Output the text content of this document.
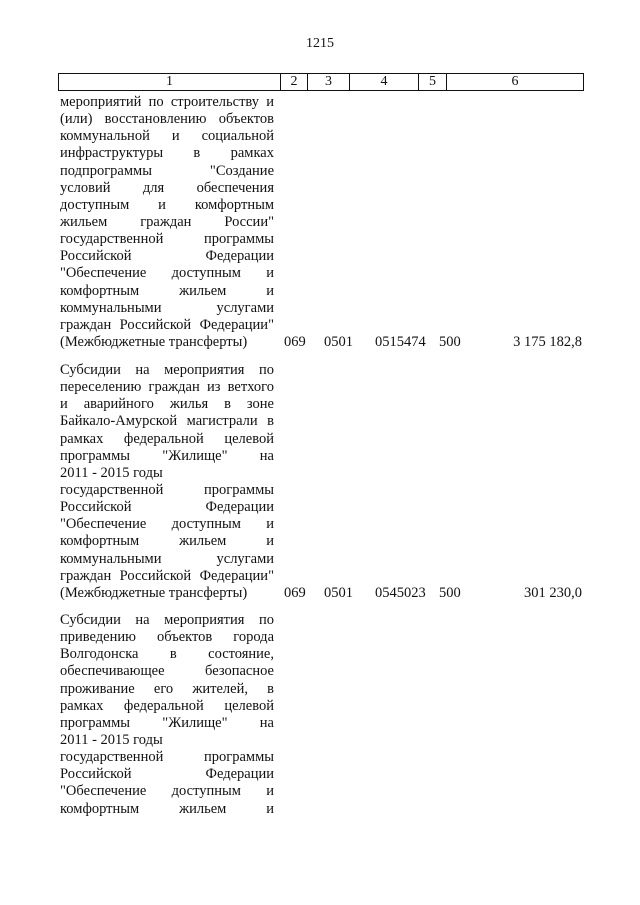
1215
1	2	3	4	5	6
мероприятий по строительству и
(или) восстановлению объектов
коммунальной и социальной
инфраструктуры в рамках
подпрограммы "Создание
условий для обеспечения
доступным и комфортным
жильем граждан России"
государственной программы
Российской Федерации
"Обеспечение доступным и
комфортным жильем и
коммунальными услугами
граждан Российской Федерации"
(Межбюджетные трансферты)	069 0501 0515474 500	3 175 182,8
Субсидии на мероприятия по
переселению граждан из ветхого
и аварийного жилья в зоне
Байкало-Амурской магистрали в
рамках федеральной целевой
программы "Жилище" на
2011 - 2015 годы
государственной программы
Российской Федерации
"Обеспечение доступным и
комфортным жильем и
коммунальными услугами
граждан Российской Федерации"
(Межбюджетные трансферты)	069 0501 0545023 500	301 230,0
Субсидии на мероприятия по
приведению объектов города
Волгодонска в состояние,
обеспечивающее безопасное
проживание его жителей, в
рамках федеральной целевой
программы "Жилище" на
2011 - 2015 годы
государственной программы
Российской Федерации
"Обеспечение доступным и
комфортным жильем и
